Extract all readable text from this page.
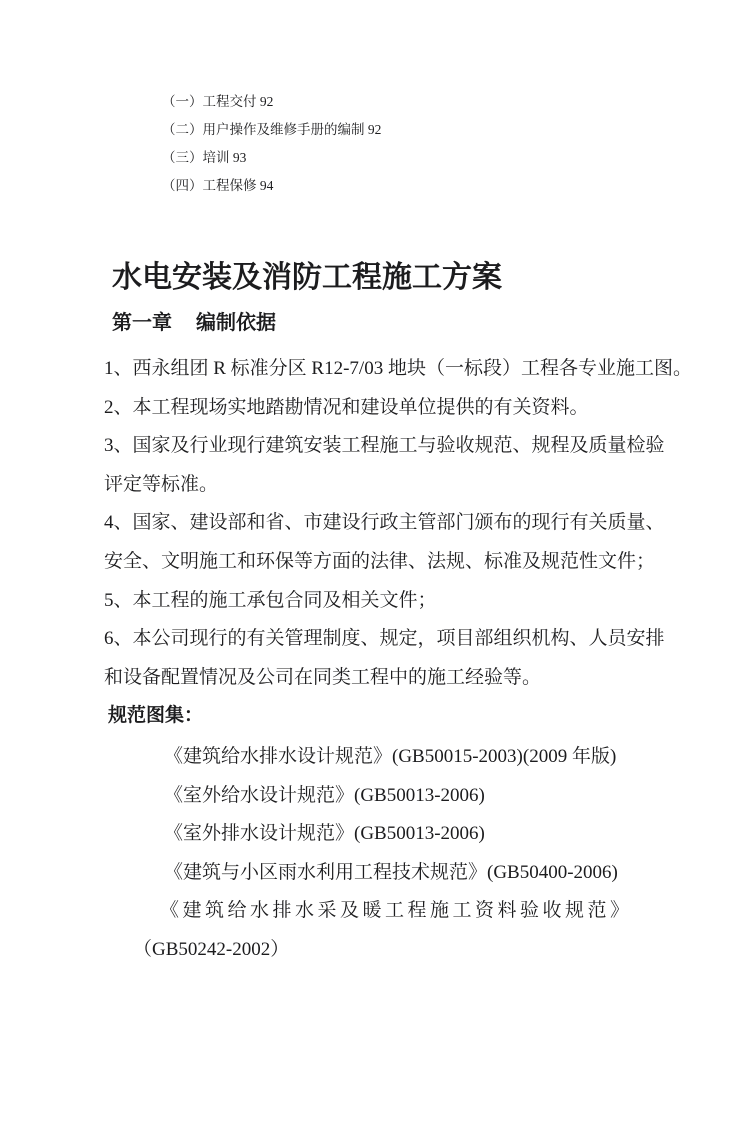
（一）工程交付 92
（二）用户操作及维修手册的编制 92
（三）培训 93
（四）工程保修 94
水电安装及消防工程施工方案
第一章 编制依据
1、西永组团 R 标准分区 R12-7/03 地块（一标段）工程各专业施工图。
2、本工程现场实地踏勘情况和建设单位提供的有关资料。
3、国家及行业现行建筑安装工程施工与验收规范、规程及质量检验
评定等标准。
4、国家、建设部和省、市建设行政主管部门颁布的现行有关质量、
安全、文明施工和环保等方面的法律、法规、标准及规范性文件；
5、本工程的施工承包合同及相关文件；
6、本公司现行的有关管理制度、规定，项目部组织机构、人员安排
和设备配置情况及公司在同类工程中的施工经验等。
规范图集：
《建筑给水排水设计规范》(GB50015-2003)(2009 年版)
《室外给水设计规范》(GB50013-2006)
《室外排水设计规范》(GB50013-2006)
《建筑与小区雨水利用工程技术规范》(GB50400-2006)
《建筑给水排水采及暖工程施工资料验收规范》
（GB50242-2002）
